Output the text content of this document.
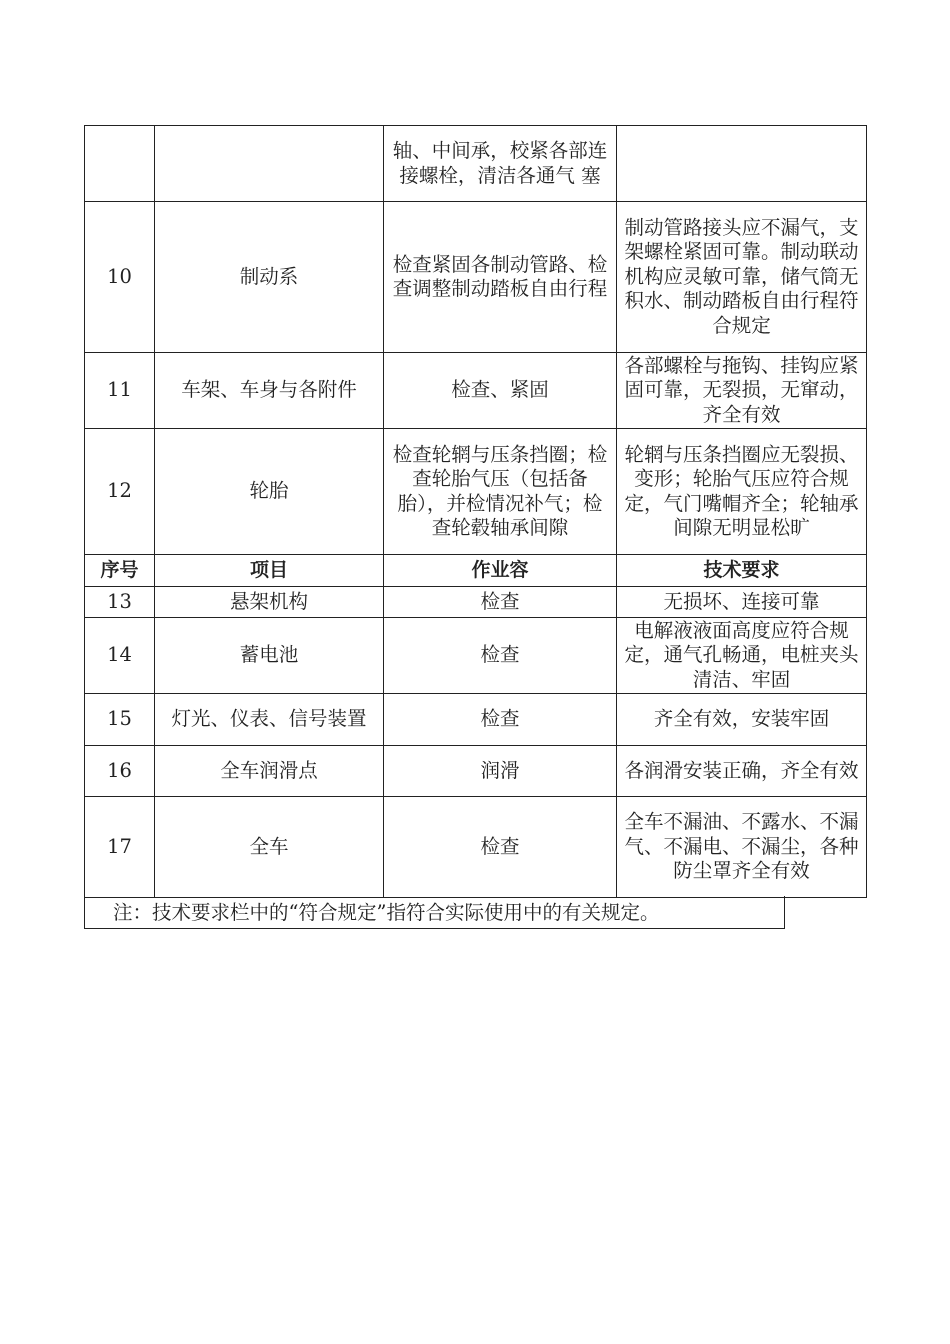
		轴、中间承，校紧各部连接螺栓，清洁各通气 塞	
10	制动系	检查紧固各制动管路、检查调整制动踏板自由行程	制动管路接头应不漏气，支架螺栓紧固可靠。制动联动机构应灵敏可靠，储气筒无积水、制动踏板自由行程符合规定
11	车架、车身与各附件	检查、紧固	各部螺栓与拖钩、挂钩应紧固可靠，无裂损，无窜动，齐全有效
12	轮胎	检查轮辋与压条挡圈；检查轮胎气压（包括备胎），并检情况补气；检查轮毂轴承间隙	轮辋与压条挡圈应无裂损、变形；轮胎气压应符合规定，气门嘴帽齐全；轮轴承间隙无明显松旷
序号	项目	作业容	技术要求
13	悬架机构	检查	无损坏、连接可靠
14	蓄电池	检查	电解液液面高度应符合规定，通气孔畅通，电桩夹头清洁、牢固
15	灯光、仪表、信号装置	检查	齐全有效，安装牢固
16	全车润滑点	润滑	各润滑安装正确，齐全有效
17	全车	检查	全车不漏油、不露水、不漏气、不漏电、不漏尘，各种防尘罩齐全有效
注：技术要求栏中的“符合规定”指符合实际使用中的有关规定。
